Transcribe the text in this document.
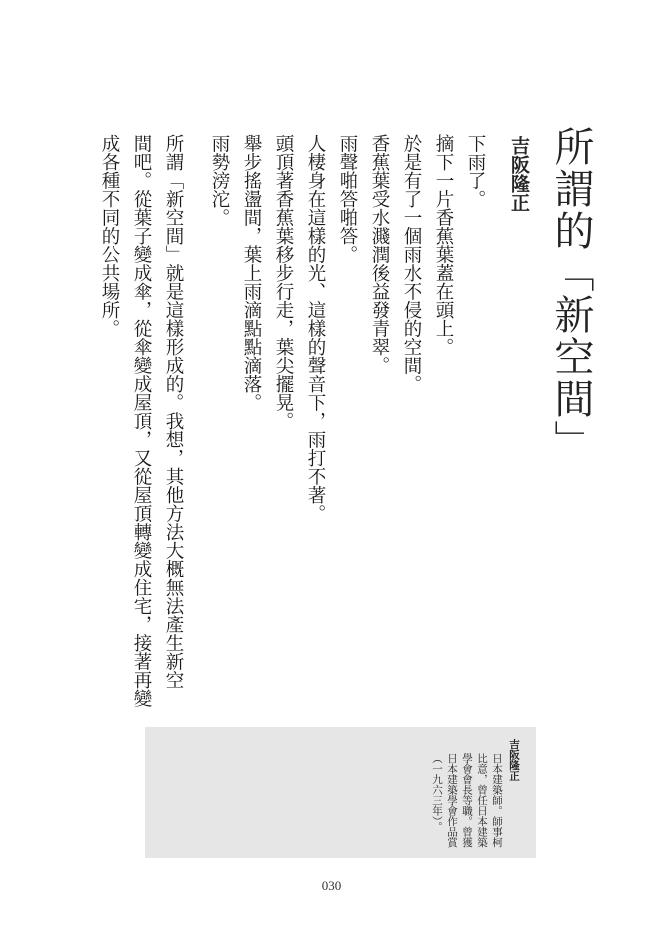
所謂的「新空間」
吉阪隆正
下雨了。
摘下一片香蕉葉蓋在頭上。
於是有了一個雨水不侵的空間。
香蕉葉受水濺潤後益發青翠。
雨聲啪答啪答。
人棲身在這樣的光、這樣的聲音下，雨打不著。
頭頂著香蕉葉移步行走，葉尖擺晃。
舉步搖盪間，葉上雨滴點點滴落。
雨勢滂沱。
所謂「新空間」就是這樣形成的。我想，其他方法大概無法產生新空
間吧。從葉子變成傘，從傘變成屋頂，又從屋頂轉變成住宅，接著再變
成各種不同的公共場所。
吉阪隆正
日本建築師。師事柯
比意，曾任日本建築
學會會長等職。曾獲
日本建築學會作品賞
（一九六三年）。
030
